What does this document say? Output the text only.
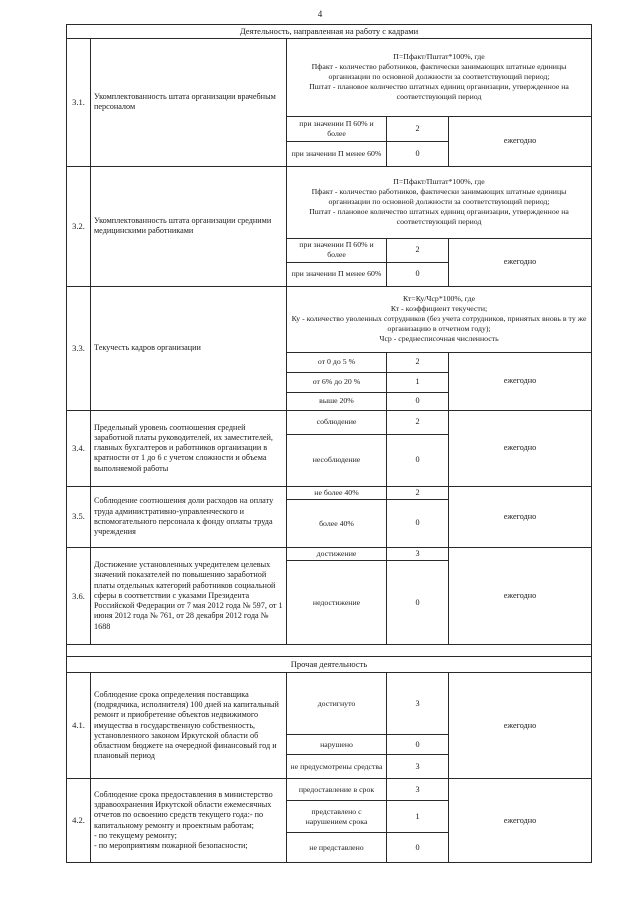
4
Деятельность, направленная на работу с кадрами				
3.1.	Укомплектованность штата организации врачебным персоналом	П=Пфакт/Пштат*100%, где
Пфакт - количество работников, фактически занимающих штатные единицы организации по основной должности за соответствующий период;
Пштат - плановое количество штатных единиц организации, утвержденное на соответствующий период		

		при значении П 60% и более	2	ежегодно
		при значении П менее 60%	0	
3.2.	Укомплектованность штата организации средними медицинскими работниками	П=Пфакт/Пштат*100%, где
Пфакт - количество работников, фактически занимающих штатные единицы организации по основной должности за соответствующий период;
Пштат - плановое количество штатных единиц организации, утвержденное на соответствующий период		

		при значении П 60% и более	2	ежегодно
		при значении П менее 60%	0	
3.3.	Текучесть кадров организации	Кт=Ку/Чср*100%, где
Кт - коэффициент текучести;
Ку - количество уволенных сотрудников (без учета сотрудников, принятых вновь в ту же организацию в отчетном году);
Чср - среднесписочная численность		

		от 0 до 5 %	2	ежегодно
		от 6% до 20 %	1	
		выше 20%	0	
3.4.	Предельный уровень соотношения средней заработной платы руководителей, их заместителей, главных бухгалтеров и работников организации в кратности от 1 до 6 с учетом сложности и объема выполняемой работы	соблюдение	2	ежегодно
		несоблюдение	0	
3.5.	Соблюдение соотношения доли расходов на оплату труда административно-управленческого и вспомогательного персонала к фонду оплаты труда учреждения	не более 40%	2	ежегодно
		более 40%	0	
3.6.	Достижение установленных учредителем целевых значений показателей по повышению заработной платы отдельных категорий работников социальной сферы в соответствии с указами Президента Российской Федерации от 7 мая 2012 года № 597, от 1 июня 2012 года № 761, от 28 декабря 2012 года № 1688	достижение	3	ежегодно
		недостижение	0	

Прочая деятельность				
4.1.	Соблюдение срока определения поставщика (подрядчика, исполнителя) 100 дней на капитальный ремонт и приобретение объектов недвижимого имущества в государственную собственность, установленного законом Иркутской области об областном бюджете на очередной финансовый год и плановый период	достигнуто	3	ежегодно
		нарушено	0	
		не предусмотрены средства	3	
4.2.	Соблюдение срока предоставления в министерство здравоохранения Иркутской области ежемесячных отчетов по освоению средств текущего года:- по капитальному ремонту и проектным работам;
- по текущему ремонту;
- по мероприятиям пожарной безопасности;	предоставление в срок	3	ежегодно
		представлено с нарушением срока	1	
		не представлено	0	
